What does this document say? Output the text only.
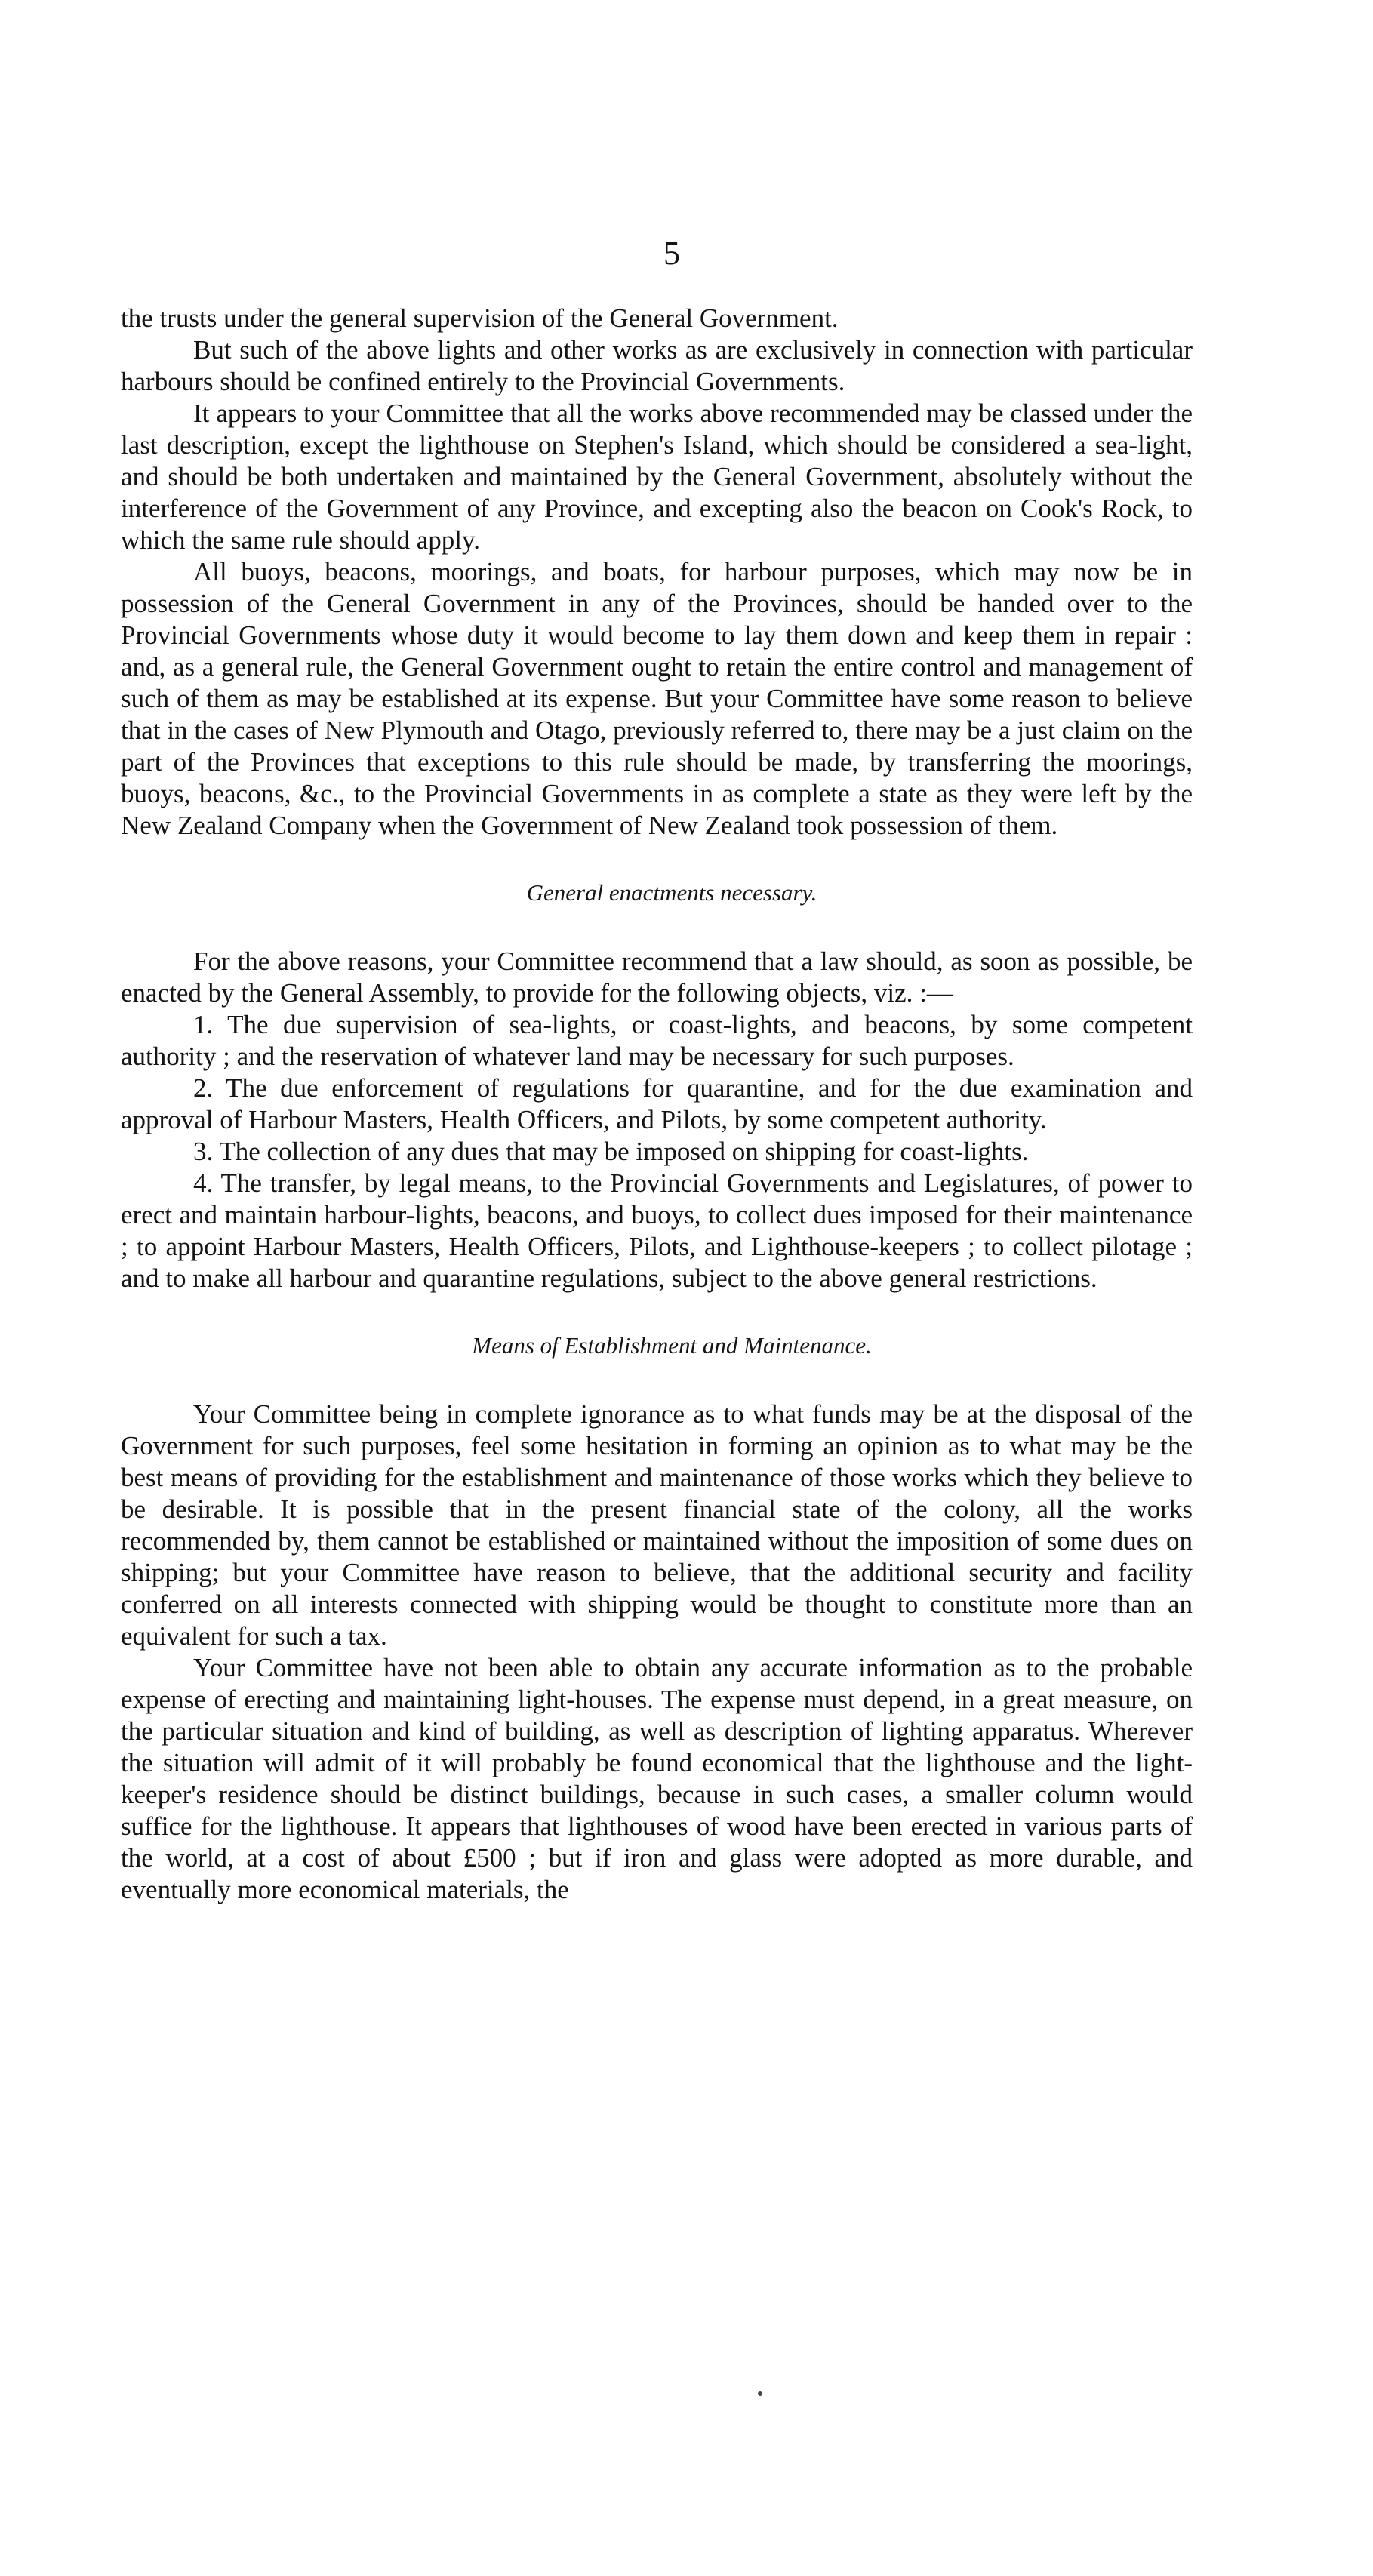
5

the trusts under the general supervision of the General Government.

But such of the above lights and other works as are exclusively in connection with particular harbours should be confined entirely to the Provincial Governments.

It appears to your Committee that all the works above recommended may be classed under the last description, except the lighthouse on Stephen's Island, which should be considered a sea-light, and should be both undertaken and maintained by the General Government, absolutely without the interference of the Government of any Province, and excepting also the beacon on Cook's Rock, to which the same rule should apply.

All buoys, beacons, moorings, and boats, for harbour purposes, which may now be in possession of the General Government in any of the Provinces, should be handed over to the Provincial Governments whose duty it would become to lay them down and keep them in repair : and, as a general rule, the General Government ought to retain the entire control and management of such of them as may be established at its expense. But your Committee have some reason to believe that in the cases of New Plymouth and Otago, previously referred to, there may be a just claim on the part of the Provinces that exceptions to this rule should be made, by transferring the moorings, buoys, beacons, &c., to the Provincial Governments in as complete a state as they were left by the New Zealand Company when the Government of New Zealand took possession of them.

General enactments necessary.

For the above reasons, your Committee recommend that a law should, as soon as possible, be enacted by the General Assembly, to provide for the following objects, viz. :—

1. The due supervision of sea-lights, or coast-lights, and beacons, by some competent authority ; and the reservation of whatever land may be necessary for such purposes.

2. The due enforcement of regulations for quarantine, and for the due examination and approval of Harbour Masters, Health Officers, and Pilots, by some competent authority.

3. The collection of any dues that may be imposed on shipping for coast-lights.

4. The transfer, by legal means, to the Provincial Governments and Legislatures, of power to erect and maintain harbour-lights, beacons, and buoys, to collect dues imposed for their maintenance ; to appoint Harbour Masters, Health Officers, Pilots, and Lighthouse-keepers ; to collect pilotage ; and to make all harbour and quarantine regulations, subject to the above general restrictions.

Means of Establishment and Maintenance.

Your Committee being in complete ignorance as to what funds may be at the disposal of the Government for such purposes, feel some hesitation in forming an opinion as to what may be the best means of providing for the establishment and maintenance of those works which they believe to be desirable. It is possible that in the present financial state of the colony, all the works recommended by, them cannot be established or maintained without the imposition of some dues on shipping; but your Committee have reason to believe, that the additional security and facility conferred on all interests connected with shipping would be thought to constitute more than an equivalent for such a tax.

Your Committee have not been able to obtain any accurate information as to the probable expense of erecting and maintaining light-houses. The expense must depend, in a great measure, on the particular situation and kind of building, as well as description of lighting apparatus. Wherever the situation will admit of it will probably be found economical that the lighthouse and the light-keeper's residence should be distinct buildings, because in such cases, a smaller column would suffice for the lighthouse. It appears that lighthouses of wood have been erected in various parts of the world, at a cost of about £500 ; but if iron and glass were adopted as more durable, and eventually more economical materials, the
